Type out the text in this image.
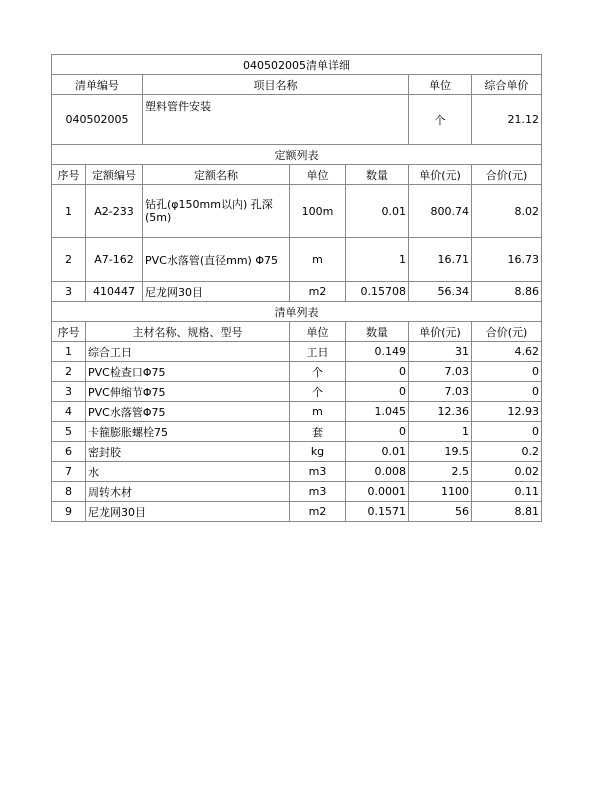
040502005清单详细						
清单编号		项目名称			单位	综合单价
040502005		塑料管件安装			个	21.12
定额列表						
序号	定额编号	定额名称	单位	数量	单价(元)	合价(元)
1	A2-233	钻孔(φ150mm以内) 孔深(5m)	100m	0.01	800.74	8.02
2	A7-162	PVC水落管(直径mm) Φ75	m	1	16.71	16.73
3	410447	尼龙网30目	m2	0.15708	56.34	8.86
清单列表						
序号	主材名称、规格、型号		单位	数量	单价(元)	合价(元)
1	综合工日		工日	0.149	31	4.62
2	PVC检查口Φ75		个	0	7.03	0
3	PVC伸缩节Φ75		个	0	7.03	0
4	PVC水落管Φ75		m	1.045	12.36	12.93
5	卡箍膨胀螺栓75		套	0	1	0
6	密封胶		kg	0.01	19.5	0.2
7	水		m3	0.008	2.5	0.02
8	周转木材		m3	0.0001	1100	0.11
9	尼龙网30目		m2	0.1571	56	8.81
